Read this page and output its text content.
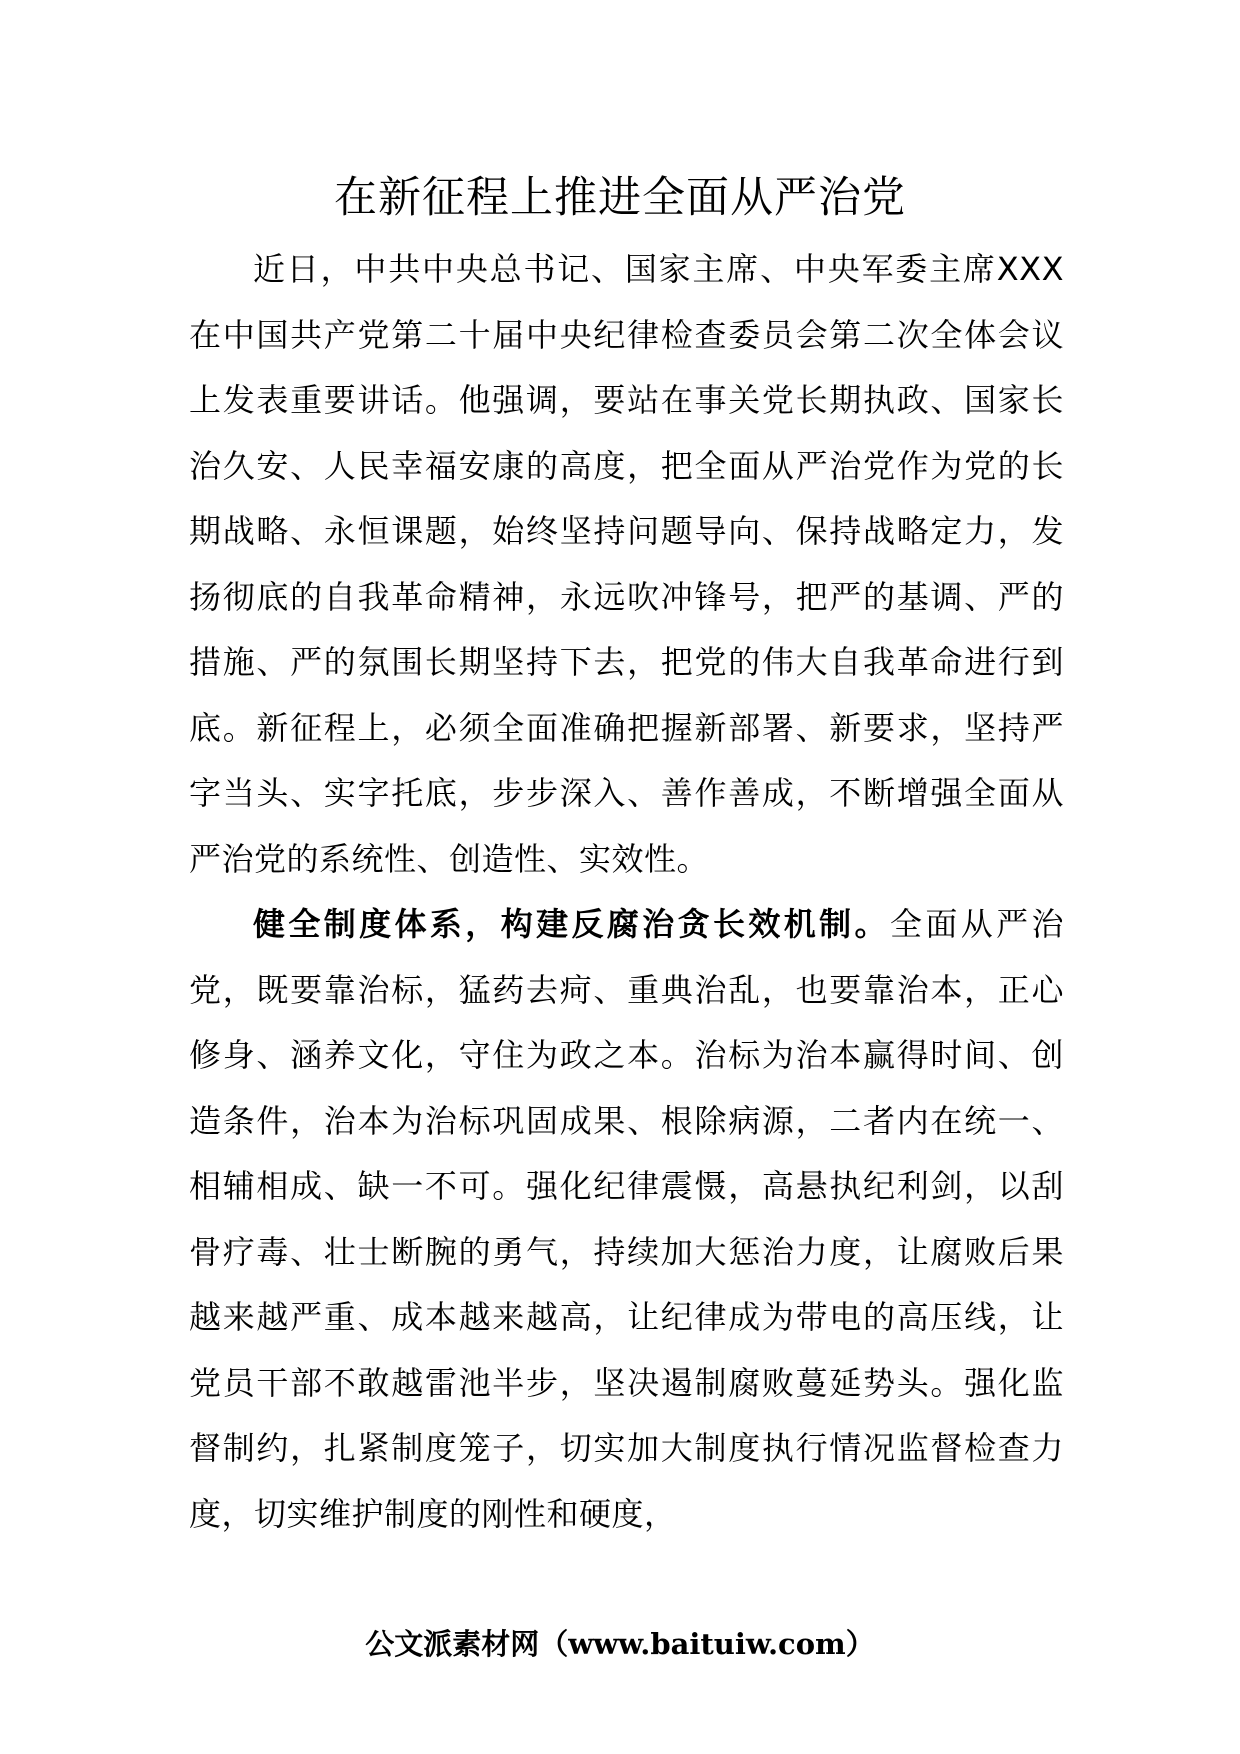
在新征程上推进全面从严治党

近日，中共中央总书记、国家主席、中央军委主席XXX在中国共产党第二十届中央纪律检查委员会第二次全体会议上发表重要讲话。他强调，要站在事关党长期执政、国家长治久安、人民幸福安康的高度，把全面从严治党作为党的长期战略、永恒课题，始终坚持问题导向、保持战略定力，发扬彻底的自我革命精神，永远吹冲锋号，把严的基调、严的措施、严的氛围长期坚持下去，把党的伟大自我革命进行到底。新征程上，必须全面准确把握新部署、新要求，坚持严字当头、实字托底，步步深入、善作善成，不断增强全面从严治党的系统性、创造性、实效性。

健全制度体系，构建反腐治贪长效机制。全面从严治党，既要靠治标，猛药去疴、重典治乱，也要靠治本，正心修身、涵养文化，守住为政之本。治标为治本赢得时间、创造条件，治本为治标巩固成果、根除病源，二者内在统一、相辅相成、缺一不可。强化纪律震慑，高悬执纪利剑，以刮骨疗毒、壮士断腕的勇气，持续加大惩治力度，让腐败后果越来越严重、成本越来越高，让纪律成为带电的高压线，让党员干部不敢越雷池半步，坚决遏制腐败蔓延势头。强化监督制约，扎紧制度笼子，切实加大制度执行情况监督检查力度，切实维护制度的刚性和硬度，

公文派素材网（www.baituiw.com）
